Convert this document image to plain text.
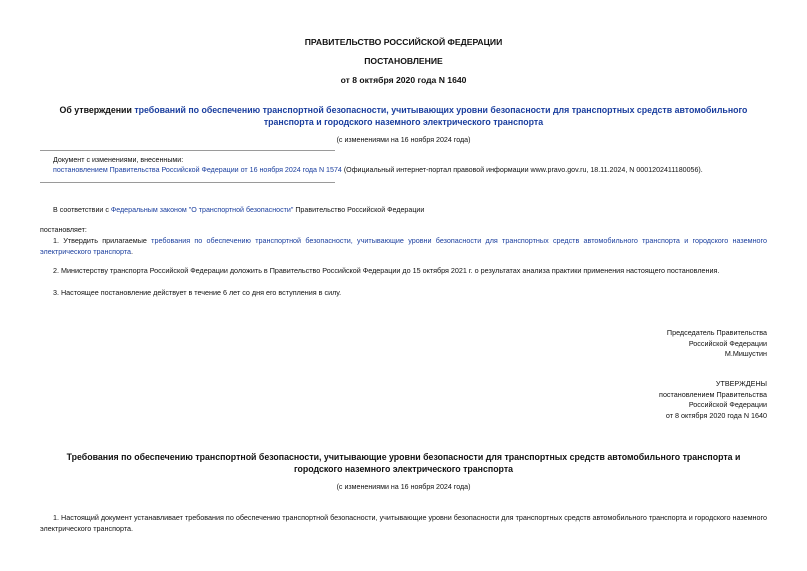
ПРАВИТЕЛЬСТВО РОССИЙСКОЙ ФЕДЕРАЦИИ
ПОСТАНОВЛЕНИЕ
от 8 октября 2020 года N 1640
Об утверждении требований по обеспечению транспортной безопасности, учитывающих уровни безопасности для транспортных средств автомобильного транспорта и городского наземного электрического транспорта
(с изменениями на 16 ноября 2024 года)
Документ с изменениями, внесенными:
постановлением Правительства Российской Федерации от 16 ноября 2024 года N 1574 (Официальный интернет-портал правовой информации www.pravo.gov.ru, 18.11.2024, N 0001202411180056).
В соответствии с Федеральным законом "О транспортной безопасности" Правительство Российской Федерации
постановляет:
1. Утвердить прилагаемые требования по обеспечению транспортной безопасности, учитывающие уровни безопасности для транспортных средств автомобильного транспорта и городского наземного электрического транспорта.
2. Министерству транспорта Российской Федерации доложить в Правительство Российской Федерации до 15 октября 2021 г. о результатах анализа практики применения настоящего постановления.
3. Настоящее постановление действует в течение 6 лет со дня его вступления в силу.
Председатель Правительства
Российской Федерации
М.Мишустин
УТВЕРЖДЕНЫ
постановлением Правительства
Российской Федерации
от 8 октября 2020 года N 1640
Требования по обеспечению транспортной безопасности, учитывающие уровни безопасности для транспортных средств автомобильного транспорта и городского наземного электрического транспорта
(с изменениями на 16 ноября 2024 года)
1. Настоящий документ устанавливает требования по обеспечению транспортной безопасности, учитывающие уровни безопасности для транспортных средств автомобильного транспорта и городского наземного электрического транспорта.
